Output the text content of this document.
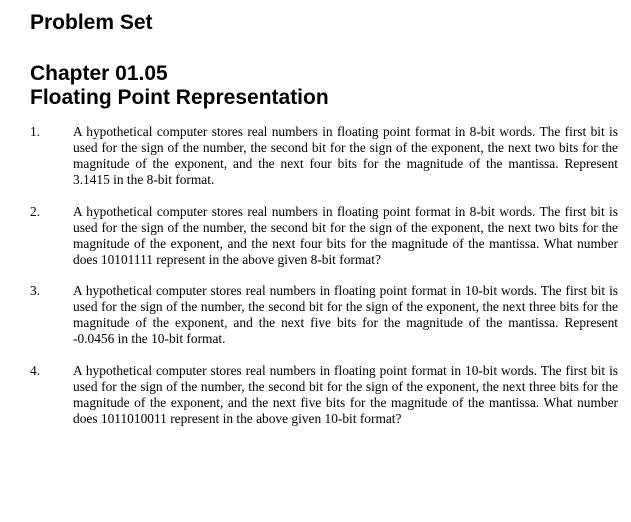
Problem Set
Chapter 01.05
Floating Point Representation
1. A hypothetical computer stores real numbers in floating point format in 8-bit words. The first bit is used for the sign of the number, the second bit for the sign of the exponent, the next two bits for the magnitude of the exponent, and the next four bits for the magnitude of the mantissa. Represent 3.1415 in the 8-bit format.
2. A hypothetical computer stores real numbers in floating point format in 8-bit words. The first bit is used for the sign of the number, the second bit for the sign of the exponent, the next two bits for the magnitude of the exponent, and the next four bits for the magnitude of the mantissa. What number does 10101111 represent in the above given 8-bit format?
3. A hypothetical computer stores real numbers in floating point format in 10-bit words. The first bit is used for the sign of the number, the second bit for the sign of the exponent, the next three bits for the magnitude of the exponent, and the next five bits for the magnitude of the mantissa. Represent -0.0456 in the 10-bit format.
4. A hypothetical computer stores real numbers in floating point format in 10-bit words. The first bit is used for the sign of the number, the second bit for the sign of the exponent, the next three bits for the magnitude of the exponent, and the next five bits for the magnitude of the mantissa. What number does 1011010011 represent in the above given 10-bit format?
